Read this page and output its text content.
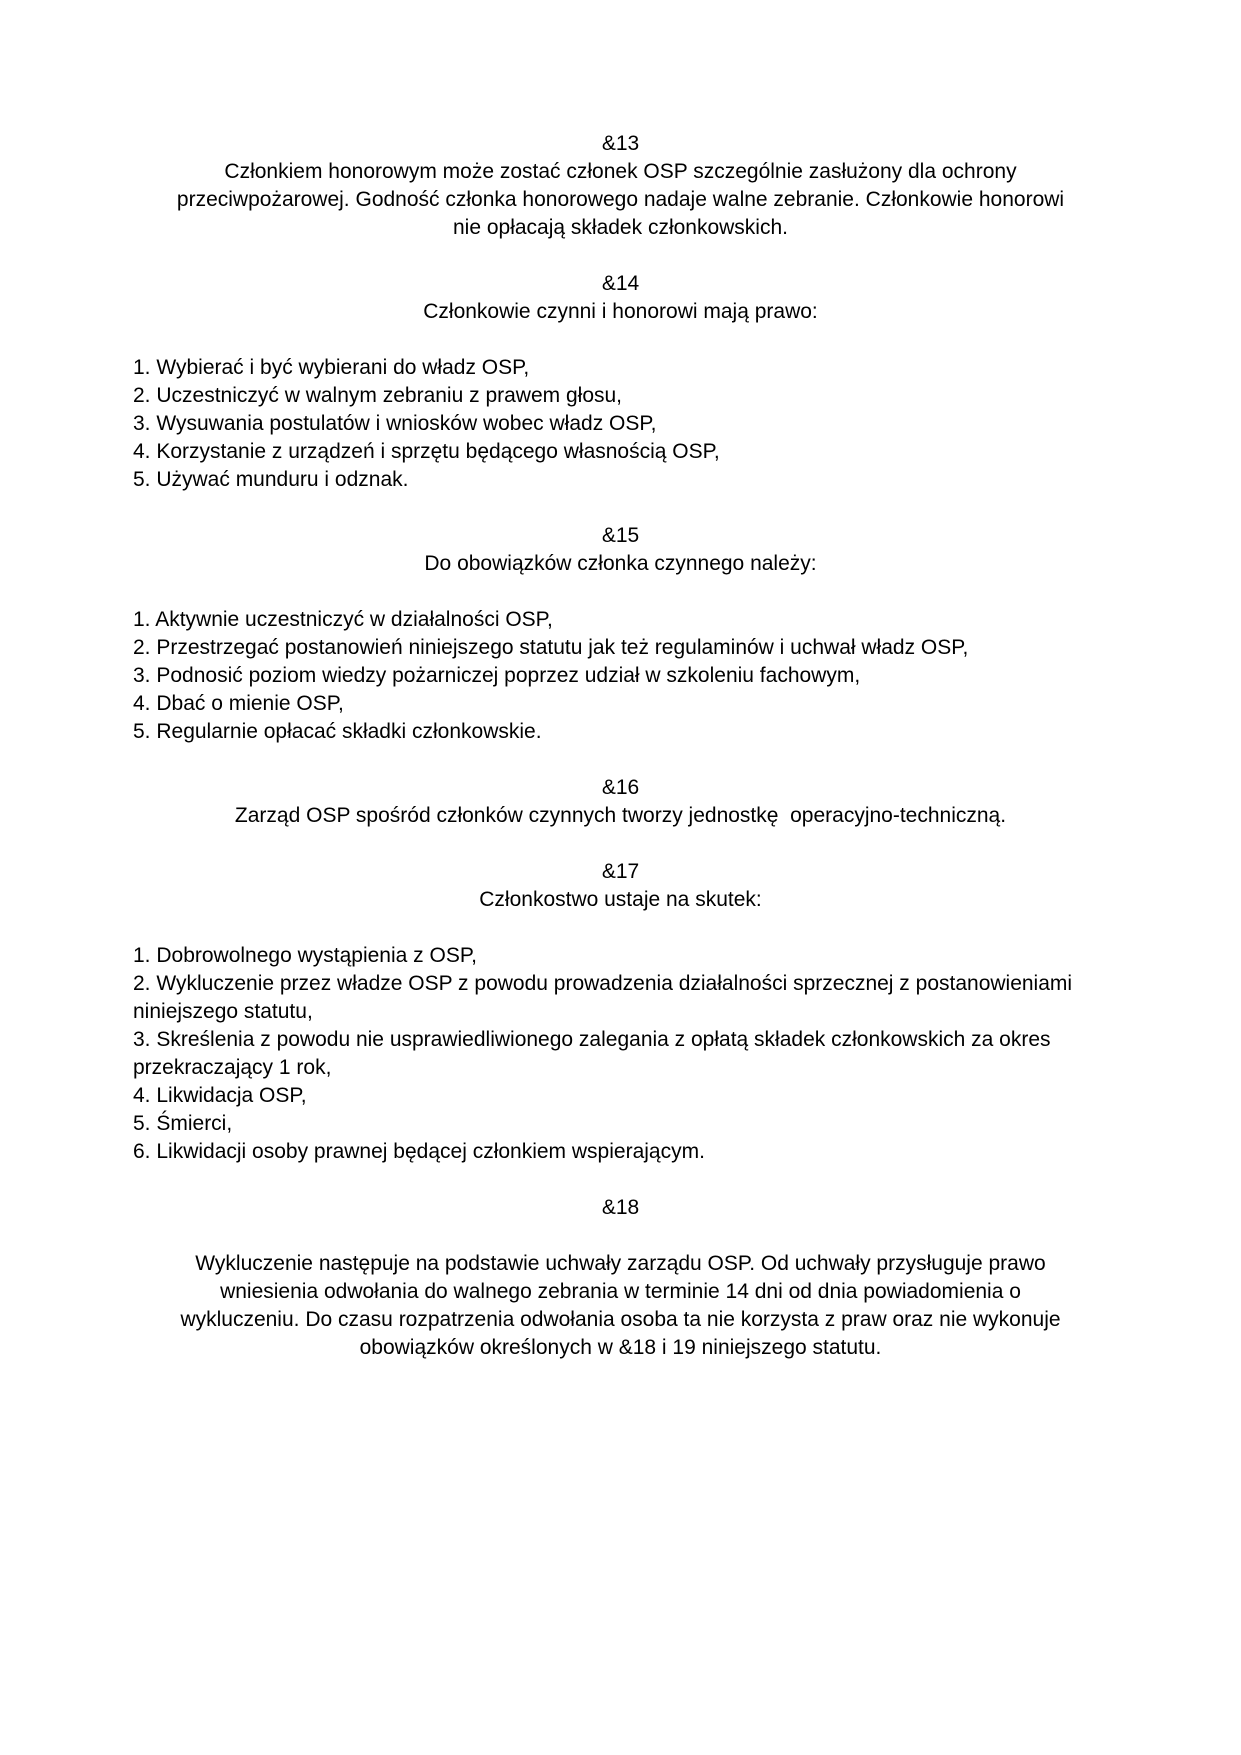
&13

Członkiem honorowym może zostać członek OSP szczególnie zasłużony dla ochrony przeciwpożarowej. Godność członka honorowego nadaje walne zebranie. Członkowie honorowi nie opłacają składek członkowskich.

&14
Członkowie czynni i honorowi mają prawo:
1. Wybierać i być wybierani do władz OSP,
2. Uczestniczyć w walnym zebraniu z prawem głosu,
3. Wysuwania postulatów i wniosków wobec władz OSP,
4. Korzystanie z urządzeń i sprzętu będącego własnością OSP,
5. Używać munduru i odznak.
&15
Do obowiązków członka czynnego należy:
1. Aktywnie uczestniczyć w działalności OSP,
2. Przestrzegać postanowień niniejszego statutu jak też regulaminów i uchwał władz OSP,
3. Podnosić poziom wiedzy pożarniczej poprzez udział w szkoleniu fachowym,
4. Dbać o mienie OSP,
5. Regularnie opłacać składki członkowskie.
&16

Zarząd OSP spośród członków czynnych tworzy jednostkę  operacyjno-techniczną.

&17
Członkostwo ustaje na skutek:
1. Dobrowolnego wystąpienia z OSP,
2. Wykluczenie przez władze OSP z powodu prowadzenia działalności sprzecznej z postanowieniami niniejszego statutu,
3. Skreślenia z powodu nie usprawiedliwionego zalegania z opłatą składek członkowskich za okres przekraczający 1 rok,
4. Likwidacja OSP,
5. Śmierci,
6. Likwidacji osoby prawnej będącej członkiem wspierającym.
&18

Wykluczenie następuje na podstawie uchwały zarządu OSP. Od uchwały przysługuje prawo wniesienia odwołania do walnego zebrania w terminie 14 dni od dnia powiadomienia o wykluczeniu. Do czasu rozpatrzenia odwołania osoba ta nie korzysta z praw oraz nie wykonuje obowiązków określonych w &18 i 19 niniejszego statutu.
